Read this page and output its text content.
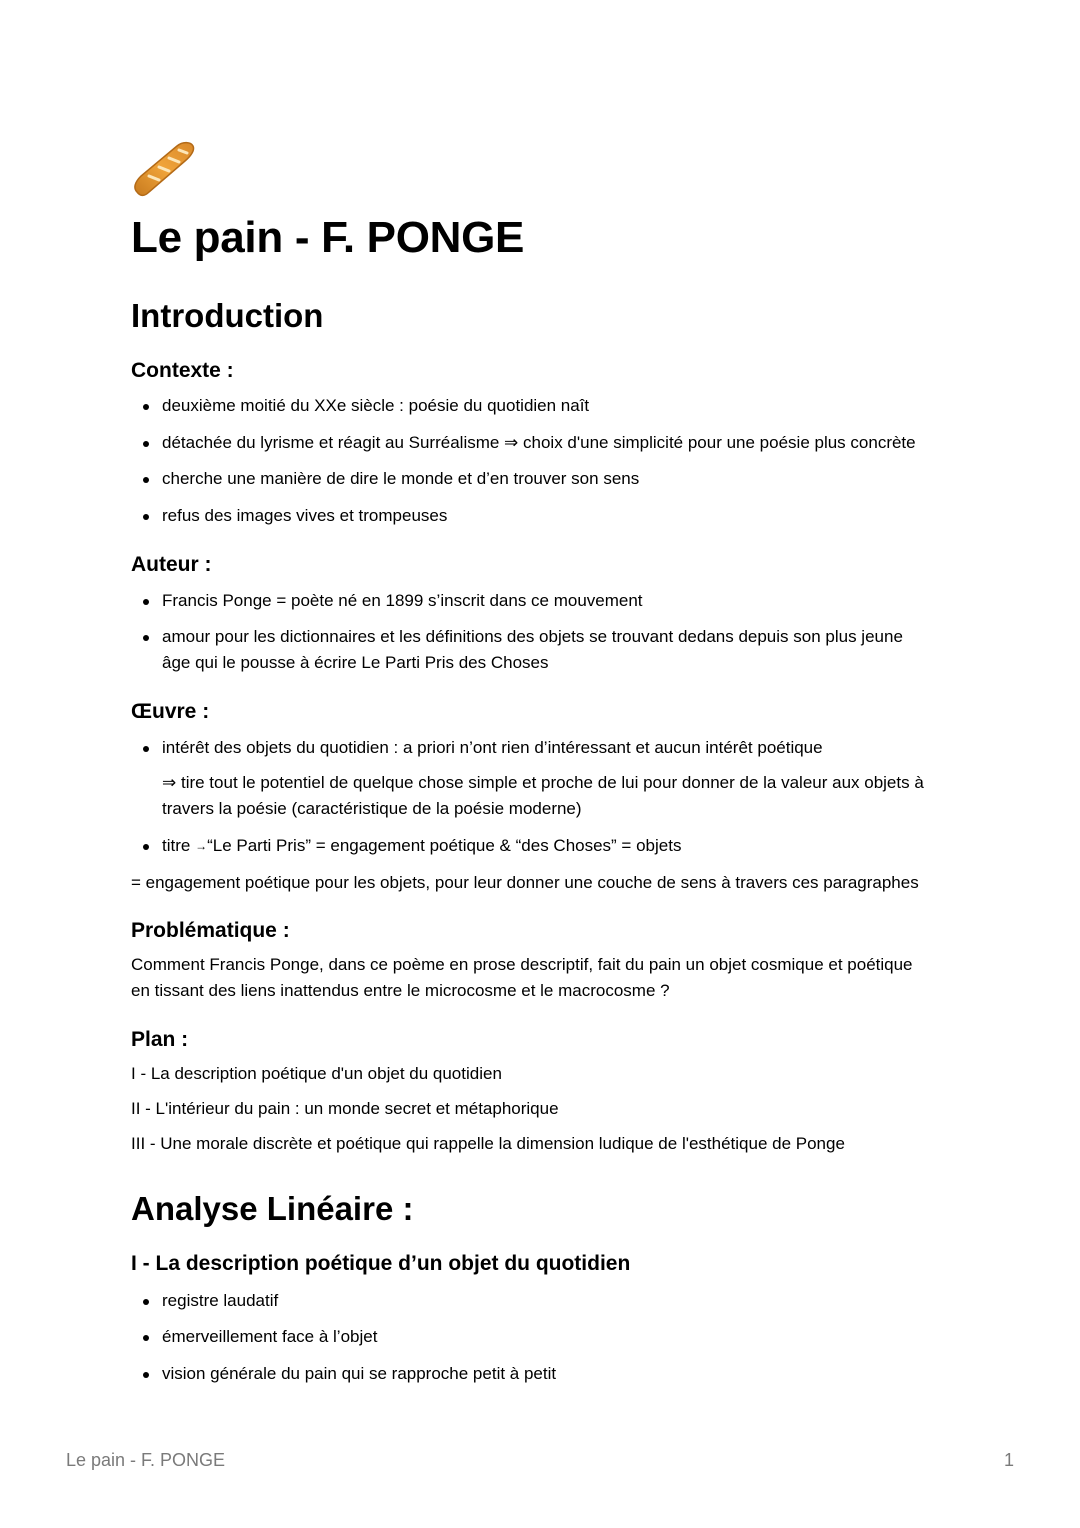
Le pain - F. PONGE
Introduction
Contexte :

deuxième moitié du XXe siècle : poésie du quotidien naît

détachée du lyrisme et réagit au Surréalisme ⇒ choix d'une simplicité pour une poésie plus concrète

cherche une manière de dire le monde et d’en trouver son sens

refus des images vives et trompeuses

Auteur :

Francis Ponge = poète né en 1899 s’inscrit dans ce mouvement

amour pour les dictionnaires et les définitions des objets se trouvant dedans depuis son plus jeune

âge qui le pousse à écrire Le Parti Pris des Choses

Œuvre :

intérêt des objets du quotidien : a priori n’ont rien d’intéressant et aucun intérêt poétique

⇒ tire tout le potentiel de quelque chose simple et proche de lui pour donner de la valeur aux objets à

travers la poésie (caractéristique de la poésie moderne)

titre →“Le Parti Pris” = engagement poétique & “des Choses” = objets

= engagement poétique pour les objets, pour leur donner une couche de sens à travers ces paragraphes

Problématique :

Comment Francis Ponge, dans ce poème en prose descriptif, fait du pain un objet cosmique et poétique

en tissant des liens inattendus entre le microcosme et le macrocosme ?

Plan :

I - La description poétique d'un objet du quotidien

II - L'intérieur du pain : un monde secret et métaphorique

III - Une morale discrète et poétique qui rappelle la dimension ludique de l'esthétique de Ponge

Analyse Linéaire :
I - La description poétique d’un objet du quotidien

registre laudatif

émerveillement face à l’objet

vision générale du pain qui se rapproche petit à petit

Le pain - F. PONGE	1
